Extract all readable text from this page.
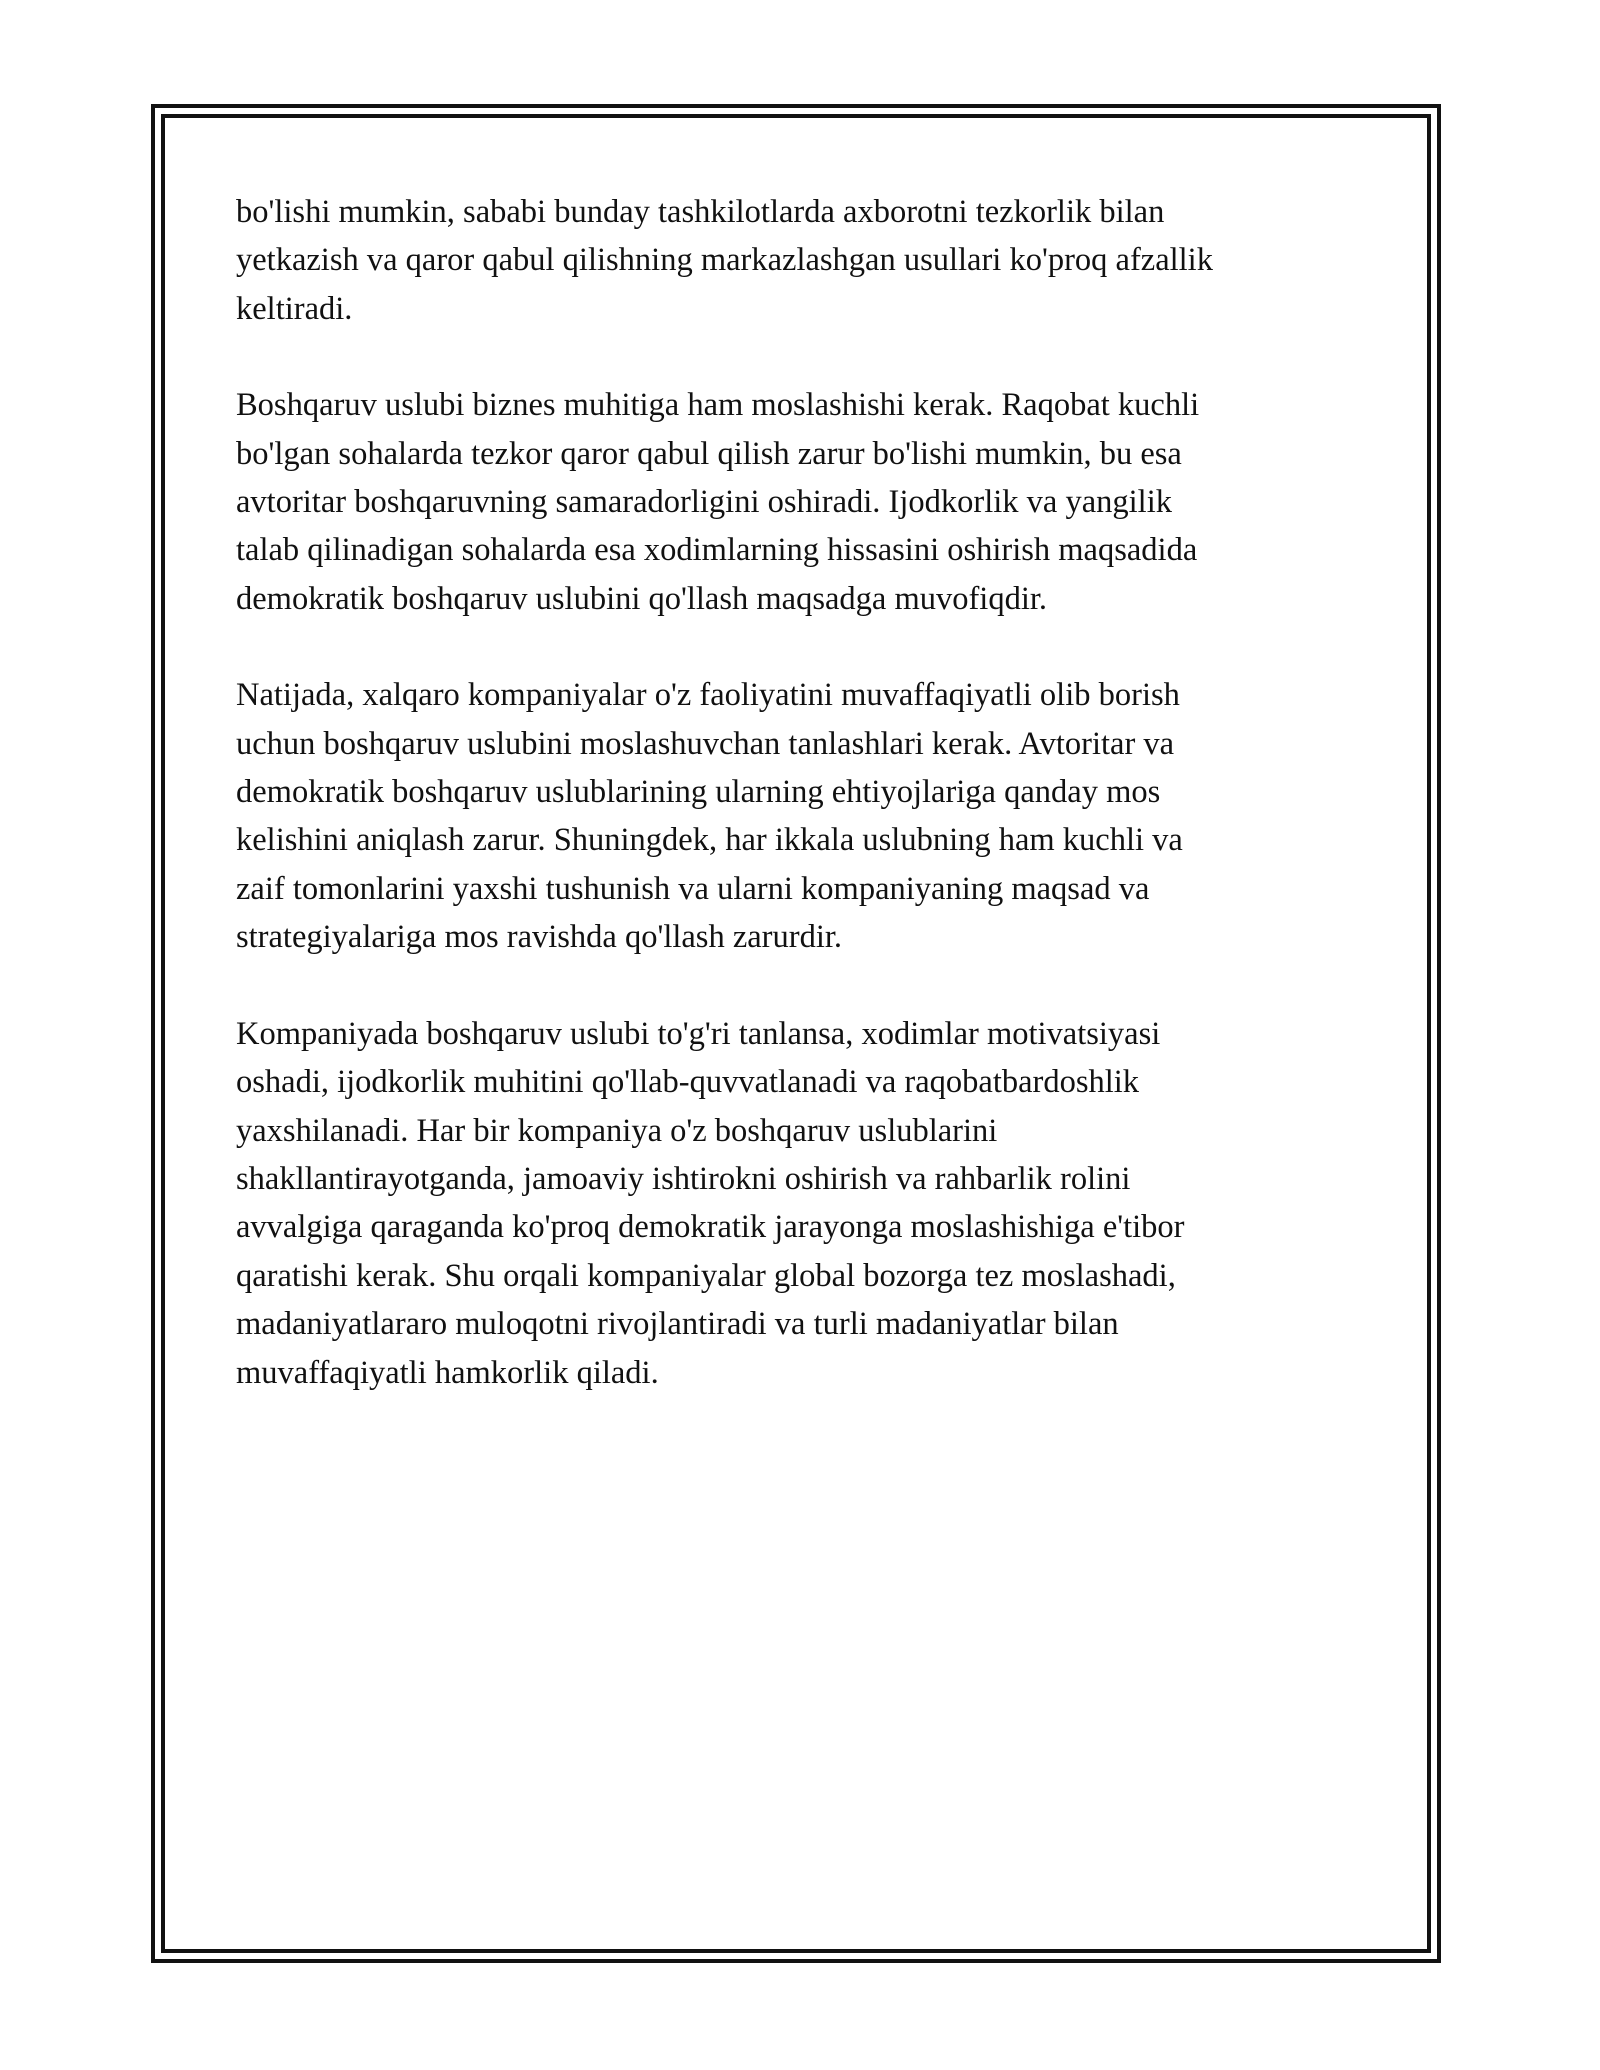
bo'lishi mumkin, sababi bunday tashkilotlarda axborotni tezkorlik bilan
yetkazish va qaror qabul qilishning markazlashgan usullari ko'proq afzallik
keltiradi.

Boshqaruv uslubi biznes muhitiga ham moslashishi kerak. Raqobat kuchli
bo'lgan sohalarda tezkor qaror qabul qilish zarur bo'lishi mumkin, bu esa
avtoritar boshqaruvning samaradorligini oshiradi. Ijodkorlik va yangilik
talab qilinadigan sohalarda esa xodimlarning hissasini oshirish maqsadida
demokratik boshqaruv uslubini qo'llash maqsadga muvofiqdir.

Natijada, xalqaro kompaniyalar o'z faoliyatini muvaffaqiyatli olib borish
uchun boshqaruv uslubini moslashuvchan tanlashlari kerak. Avtoritar va
demokratik boshqaruv uslublarining ularning ehtiyojlariga qanday mos
kelishini aniqlash zarur. Shuningdek, har ikkala uslubning ham kuchli va
zaif tomonlarini yaxshi tushunish va ularni kompaniyaning maqsad va
strategiyalariga mos ravishda qo'llash zarurdir.

Kompaniyada boshqaruv uslubi to'g'ri tanlansa, xodimlar motivatsiyasi
oshadi, ijodkorlik muhitini qo'llab-quvvatlanadi va raqobatbardoshlik
yaxshilanadi. Har bir kompaniya o'z boshqaruv uslublarini
shakllantirayotganda, jamoaviy ishtirokni oshirish va rahbarlik rolini
avvalgiga qaraganda ko'proq demokratik jarayonga moslashishiga e'tibor
qaratishi kerak. Shu orqali kompaniyalar global bozorga tez moslashadi,
madaniyatlararo muloqotni rivojlantiradi va turli madaniyatlar bilan
muvaffaqiyatli hamkorlik qiladi.
